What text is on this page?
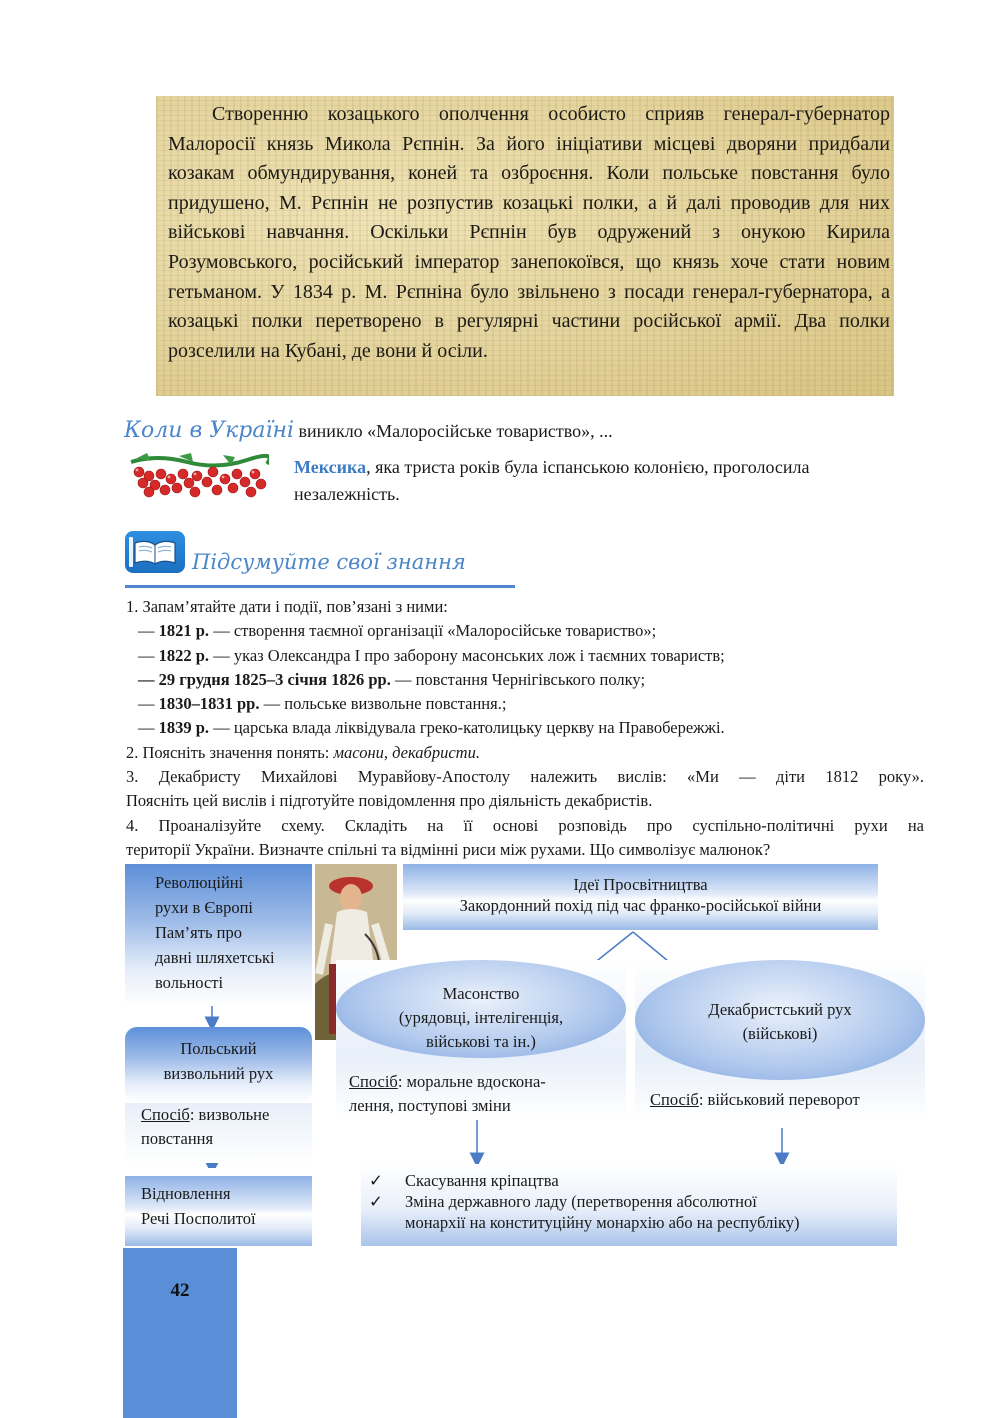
Створенню козацького ополчення особисто сприяв генерал-губернатор Малоросії князь Микола Рєпнін. За його ініціативи місцеві дворяни придбали козакам обмундирування, коней та озброєння. Коли польське повстання було придушено, М. Рєпнін не розпустив козацькі полки, а й далі проводив для них військові навчання. Оскільки Рєпнін був одружений з онукою Кирила Розумовського, російський імператор занепокоївся, що князь хоче стати новим гетьманом. У 1834 р. М. Рєпніна було звільнено з посади генерал-губернатора, а козацькі полки перетворено в регулярні частини російської армії. Два полки розселили на Кубані, де вони й осіли.

Коли в Україні виникло «Малоросійське товариство», ...
Мексика, яка триста років була іспанською колонією, проголосила незалежність.
Підсумуйте свої знання
1. Запам’ятайте дати і події, пов’язані з ними:
— 1821 р. — створення таємної організації «Малоросійське товариство»;
— 1822 р. — указ Олександра І про заборону масонських лож і таємних товариств;
— 29 грудня 1825–3 січня 1826 рр. — повстання Чернігівського полку;
— 1830–1831 рр. — польське визвольне повстання.;
— 1839 р. — царська влада ліквідувала греко-католицьку церкву на Правобережжі.
2. Поясніть значення понять: масони, декабристи.
3. Декабристу Михайлові Муравйову-Апостолу належить вислів: «Ми — діти 1812 року».
Поясніть цей вислів і підготуйте повідомлення про діяльність декабристів.
4. Проаналізуйте схему. Складіть на її основі розповідь про суспільно-політичні рухи на
території України. Визначте спільні та відмінні риси між рухами. Що символізує малюнок?
Революційні
рухи в Європі
Пам’ять про
давні шляхетські
вольності
Ідеї Просвітництва
Закордонний похід під час франко-російської війни
Польський
визвольний рух
Спосіб: визвольне
повстання
Відновлення
Речі Посполитої
Масонство
(урядовці, інтелігенція,
військові та ін.)
Спосіб: моральне вдоскона-
лення, поступові зміни
Декабристський рух
(військові)
Спосіб: військовий переворот
✓	Скасування кріпацтва
✓	Зміна державного ладу (перетворення абсолютної
монархії на конституційну монархію або на республіку)
42
